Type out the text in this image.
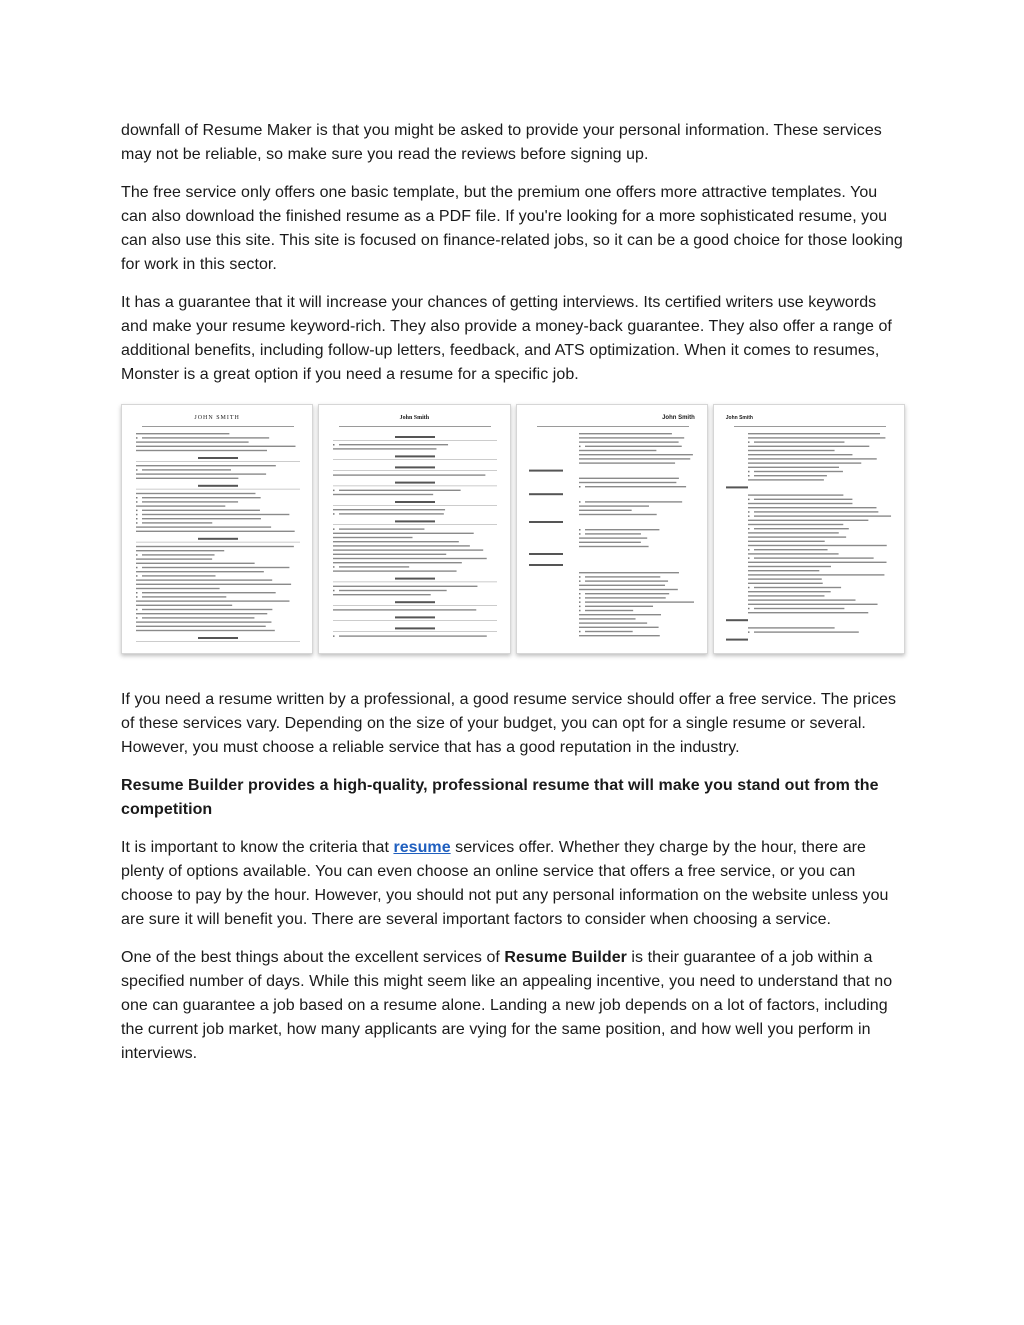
downfall of Resume Maker is that you might be asked to provide your personal information. These services may not be reliable, so make sure you read the reviews before signing up.

The free service only offers one basic template, but the premium one offers more attractive templates. You can also download the finished resume as a PDF file. If you're looking for a more sophisticated resume, you can also use this site. This site is focused on finance-related jobs, so it can be a good choice for those looking for work in this sector.

It has a guarantee that it will increase your chances of getting interviews. Its certified writers use keywords and make your resume keyword-rich. They also provide a money-back guarantee. They also offer a range of additional benefits, including follow-up letters, feedback, and ATS optimization. When it comes to resumes, Monster is a great option if you need a resume for a specific job.

JOHN SMITH	John Smith	John Smith	John Smith

If you need a resume written by a professional, a good resume service should offer a free service. The prices of these services vary. Depending on the size of your budget, you can opt for a single resume or several. However, you must choose a reliable service that has a good reputation in the industry.

Resume Builder provides a high-quality, professional resume that will make you stand out from the competition

It is important to know the criteria that resume services offer. Whether they charge by the hour, there are plenty of options available. You can even choose an online service that offers a free service, or you can choose to pay by the hour. However, you should not put any personal information on the website unless you are sure it will benefit you. There are several important factors to consider when choosing a service.

One of the best things about the excellent services of Resume Builder is their guarantee of a job within a specified number of days. While this might seem like an appealing incentive, you need to understand that no one can guarantee a job based on a resume alone. Landing a new job depends on a lot of factors, including the current job market, how many applicants are vying for the same position, and how well you perform in interviews.
